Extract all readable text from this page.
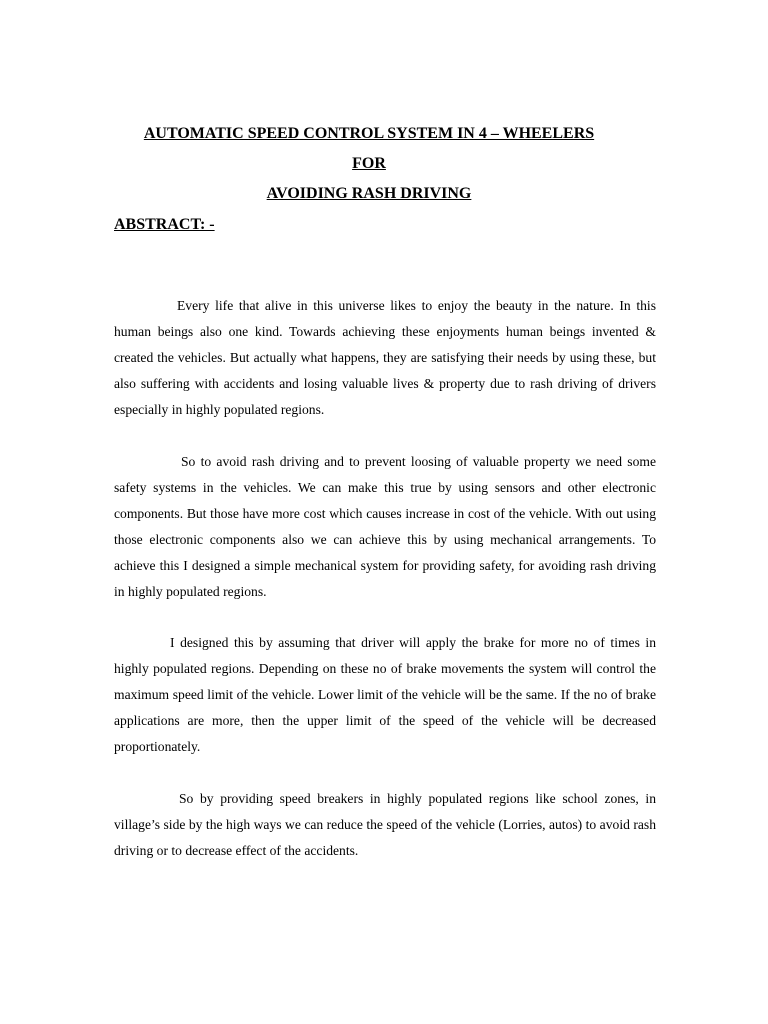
AUTOMATIC SPEED CONTROL SYSTEM IN 4 – WHEELERS
FOR
AVOIDING RASH DRIVING
ABSTRACT: -

Every life that alive in this universe likes to enjoy the beauty in the nature. In this human beings also one kind. Towards achieving these enjoyments human beings invented & created the vehicles. But actually what happens, they are satisfying their needs by using these, but also suffering with accidents and losing valuable lives & property due to rash driving of drivers especially in highly populated regions.

So to avoid rash driving and to prevent loosing of valuable property we need some safety systems in the vehicles. We can make this true by using sensors and other electronic components. But those have more cost which causes increase in cost of the vehicle. With out using those electronic components also we can achieve this by using mechanical arrangements. To achieve this I designed a simple mechanical system for providing safety, for avoiding rash driving in highly populated regions.

I designed this by assuming that driver will apply the brake for more no of times in highly populated regions. Depending on these no of brake movements the system will control the maximum speed limit of the vehicle. Lower limit of the vehicle will be the same. If the no of brake applications are more, then the upper limit of the speed of the vehicle will be decreased proportionately.

So by providing speed breakers in highly populated regions like school zones, in village’s side by the high ways we can reduce the speed of the vehicle (Lorries, autos) to avoid rash driving or to decrease effect of the accidents.
